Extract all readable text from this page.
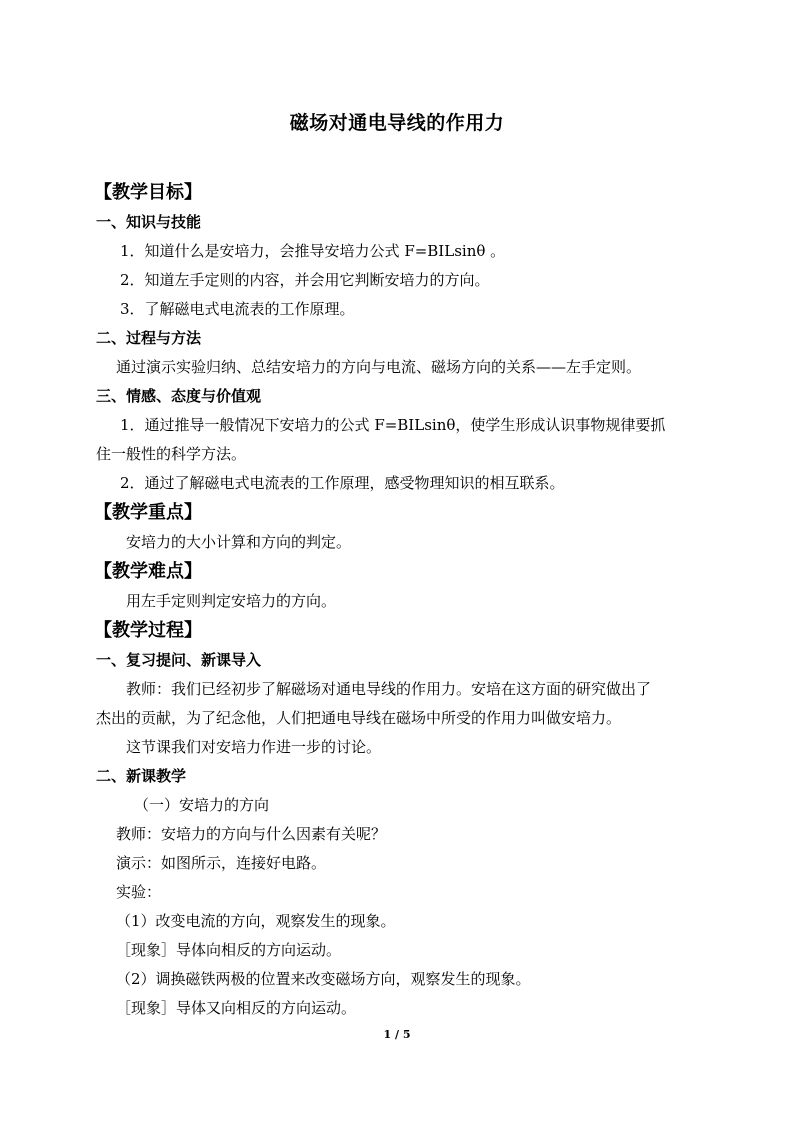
磁场对通电导线的作用力
【教学目标】
一、知识与技能
1．知道什么是安培力，会推导安培力公式 F=BILsinθ 。
2．知道左手定则的内容，并会用它判断安培力的方向。
3．了解磁电式电流表的工作原理。
二、过程与方法
通过演示实验归纳、总结安培力的方向与电流、磁场方向的关系——左手定则。
三、情感、态度与价值观
1．通过推导一般情况下安培力的公式 F=BILsinθ，使学生形成认识事物规律要抓
住一般性的科学方法。
2．通过了解磁电式电流表的工作原理，感受物理知识的相互联系。
【教学重点】
安培力的大小计算和方向的判定。
【教学难点】
用左手定则判定安培力的方向。
【教学过程】
一、复习提问、新课导入
教师：我们已经初步了解磁场对通电导线的作用力。安培在这方面的研究做出了
杰出的贡献，为了纪念他，人们把通电导线在磁场中所受的作用力叫做安培力。
这节课我们对安培力作进一步的讨论。
二、新课教学
（一）安培力的方向
教师：安培力的方向与什么因素有关呢？
演示：如图所示，连接好电路。
实验：
（1）改变电流的方向，观察发生的现象。
［现象］导体向相反的方向运动。
（2）调换磁铁两极的位置来改变磁场方向，观察发生的现象。
［现象］导体又向相反的方向运动。
1 / 5
